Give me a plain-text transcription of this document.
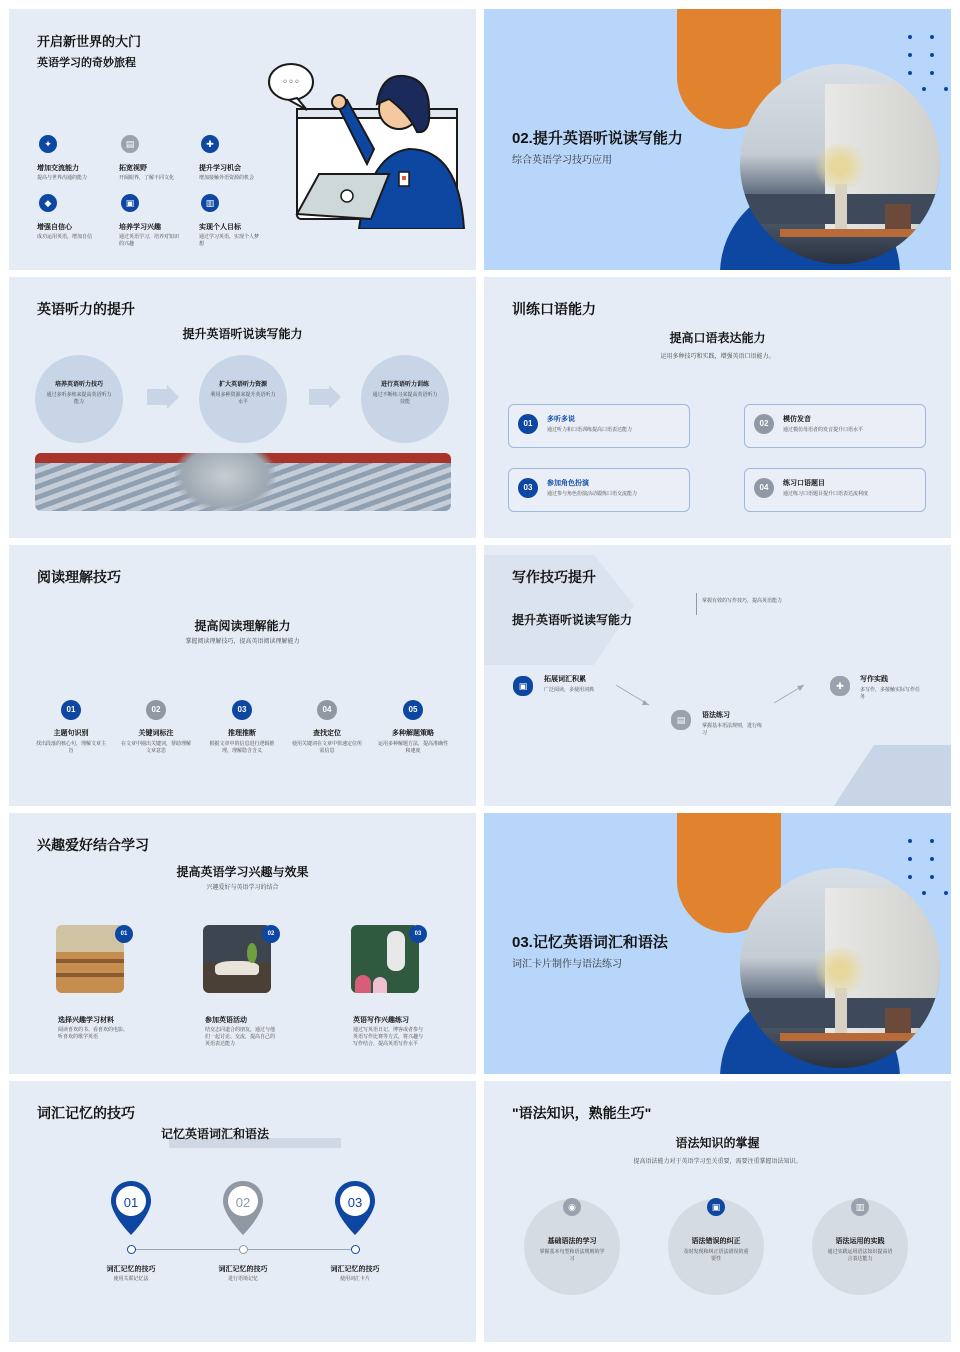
开启新世界的大门
英语学习的奇妙旅程
✦
增加交流能力
提高与世界沟通的能力
▤
拓宽视野
开阔眼界，了解不同文化
✚
提升学习机会
增加接触外语资源的机会
◆
增强自信心
成功运用英语，增加自信
▣
培养学习兴趣
通过英语学习，培养对知识的兴趣
▥
实现个人目标
通过学习英语，实现个人梦想
◦◦◦
02.提升英语听说读写能力
综合英语学习技巧应用
英语听力的提升
提升英语听说读写能力
培养英语听力技巧
通过多听多练来提高英语听力能力
扩大英语听力资源
利用多种资源来提升英语听力水平
进行英语听力训练
通过不断练习来提高英语听力技能
训练口语能力
提高口语表达能力
运用多种技巧和实践，增强英语口语能力。
01	多听多说
通过听力和口语训练提高口语表达能力
02	模仿发音
通过模仿母语者的发音提升口语水平
03	参加角色扮演
通过参与角色扮演活动锻炼口语交流能力
04	练习口语题目
通过练习口语题目提升口语表达流利度
阅读理解技巧
提高阅读理解能力
掌握阅读理解技巧，提高英语阅读理解能力
01
主题句识别
找出段落的核心句，理解文章主旨
02
关键词标注
在文章中圈出关键词，帮助理解文章意思
03
推理推断
根据文章中的信息进行逻辑推理，理解隐含含义
04
查找定位
使用关键词在文章中快速定位所需信息
05
多种解题策略
运用多种解题方法，提高准确性和速度
写作技巧提升
提升英语听说读写能力
掌握有效的写作技巧，提高英语能力
▣
拓展词汇积累
广泛阅读，多使用词典
▤	语法练习
掌握基本语法规则，进行练习
✚
写作实践
多写作，多接触实际写作任务
兴趣爱好结合学习
提高英语学习兴趣与效果
兴趣爱好与英语学习的结合
01
选择兴趣学习材料
阅读喜欢的书、看喜欢的电影、听喜欢的歌学英语
02
参加英语活动
结交志同道合的朋友，通过与他们一起讨论、交流，提高自己的英语表达能力
03
英语写作兴趣练习
通过写英语日记、博客或者参与英语写作比赛等方式，将兴趣与写作结合，提高英语写作水平
03.记忆英语词汇和语法
词汇卡片制作与语法练习
词汇记忆的技巧
记忆英语词汇和语法
01
词汇记忆的技巧
使用关联记忆法
02
词汇记忆的技巧
进行语境记忆
03
词汇记忆的技巧
使用词汇卡片
"语法知识，熟能生巧"
语法知识的掌握
提高语法能力对于英语学习至关重要，需要注重掌握语法知识。
◉
基础语法的学习
掌握基本句型和语法规则的学习
▣
语法错误的纠正
及时发现和纠正语法错误的重要性
▥
语法运用的实践
通过实践运用语法知识提高语言表达能力
